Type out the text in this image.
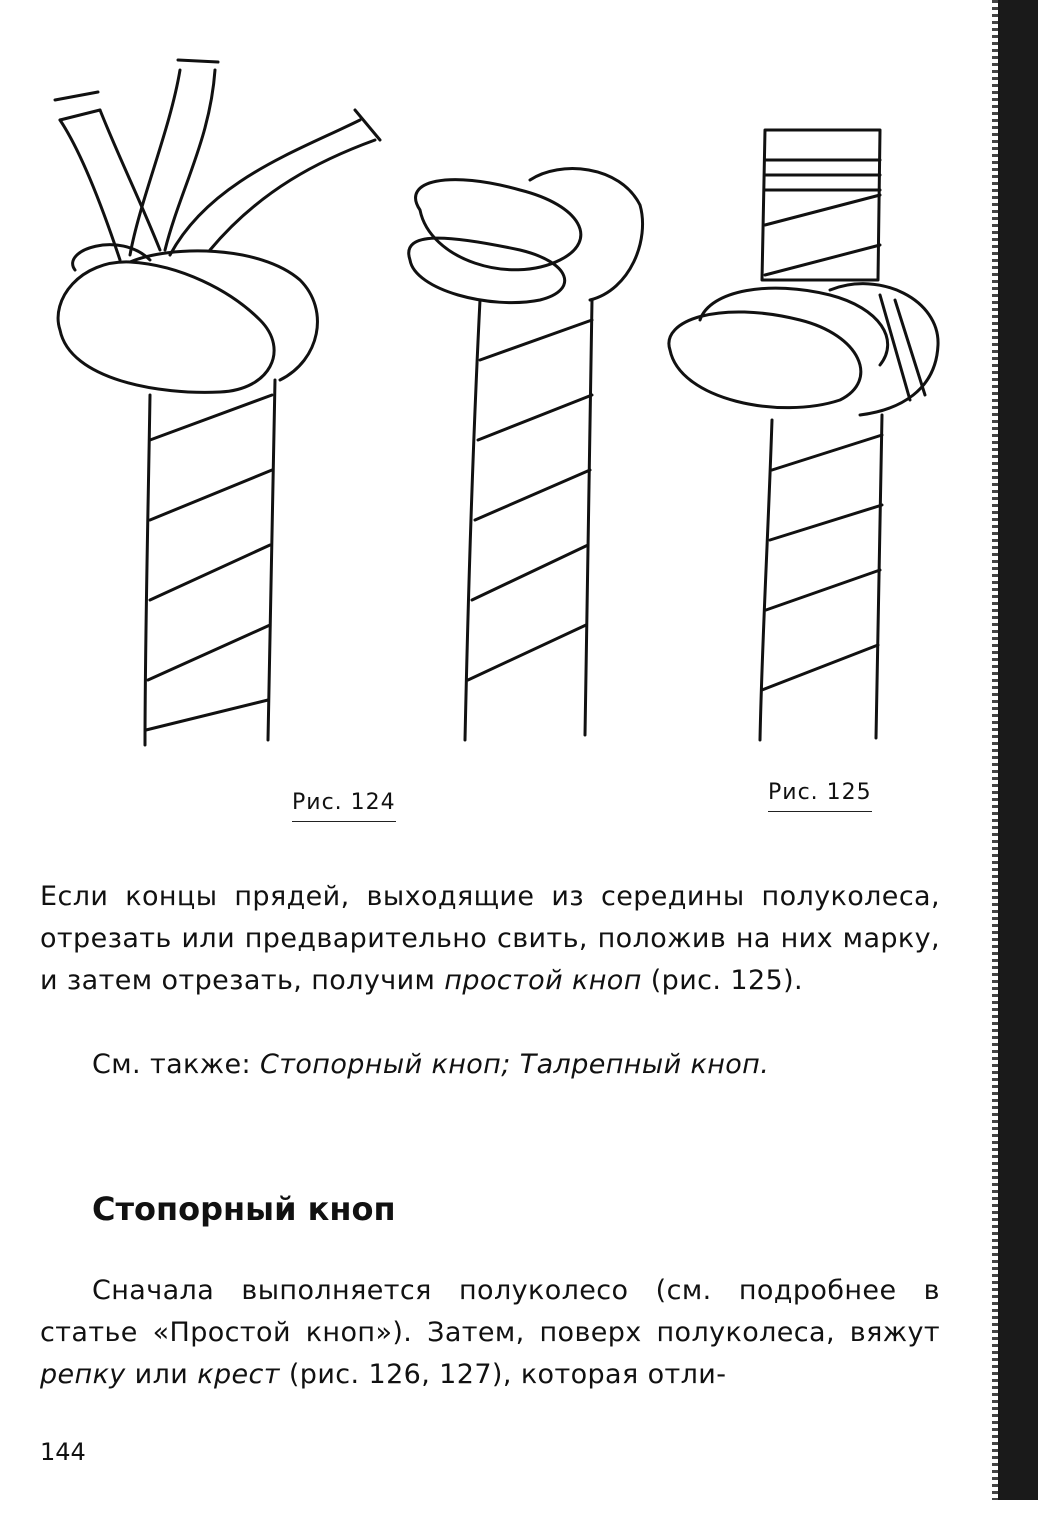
Рис. 124	Рис. 125
Если концы прядей, выходящие из середины полуколеса, отрезать или предварительно свить, положив на них марку, и затем отрезать, получим простой кноп (рис. 125).
См. также: Стопорный кноп; Талрепный кноп.
Стопорный кноп
Сначала выполняется полуколесо (см. подробнее в статье «Простой кноп»). Затем, поверх полуколеса, вяжут репку или крест (рис. 126, 127), которая отли-
144
